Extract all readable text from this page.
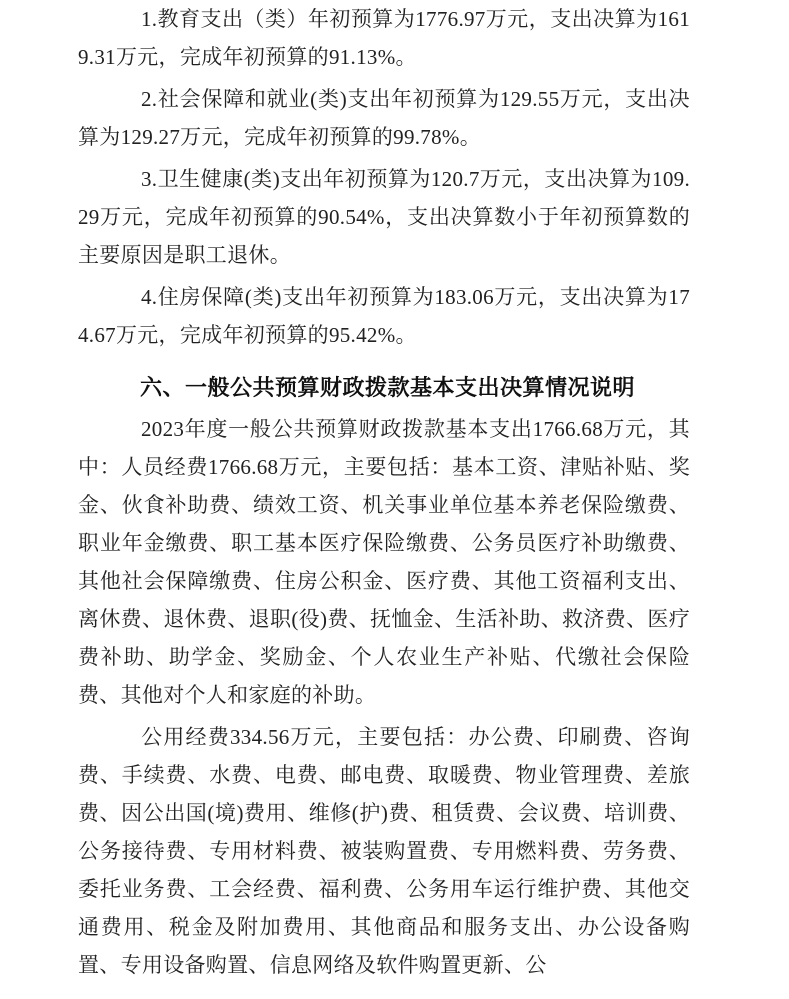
1.教育支出（类）年初预算为1776.97万元，支出决算为1619.31万元，完成年初预算的91.13%。

2.社会保障和就业(类)支出年初预算为129.55万元，支出决算为129.27万元，完成年初预算的99.78%。

3.卫生健康(类)支出年初预算为120.7万元，支出决算为109.29万元，完成年初预算的90.54%，支出决算数小于年初预算数的主要原因是职工退休。

4.住房保障(类)支出年初预算为183.06万元，支出决算为174.67万元，完成年初预算的95.42%。

六、一般公共预算财政拨款基本支出决算情况说明

2023年度一般公共预算财政拨款基本支出1766.68万元，其中：人员经费1766.68万元，主要包括：基本工资、津贴补贴、奖金、伙食补助费、绩效工资、机关事业单位基本养老保险缴费、职业年金缴费、职工基本医疗保险缴费、公务员医疗补助缴费、其他社会保障缴费、住房公积金、医疗费、其他工资福利支出、离休费、退休费、退职(役)费、抚恤金、生活补助、救济费、医疗费补助、助学金、奖励金、个人农业生产补贴、代缴社会保险费、其他对个人和家庭的补助。

公用经费334.56万元，主要包括：办公费、印刷费、咨询费、手续费、水费、电费、邮电费、取暖费、物业管理费、差旅费、因公出国(境)费用、维修(护)费、租赁费、会议费、培训费、公务接待费、专用材料费、被装购置费、专用燃料费、劳务费、委托业务费、工会经费、福利费、公务用车运行维护费、其他交通费用、税金及附加费用、其他商品和服务支出、办公设备购置、专用设备购置、信息网络及软件购置更新、公
